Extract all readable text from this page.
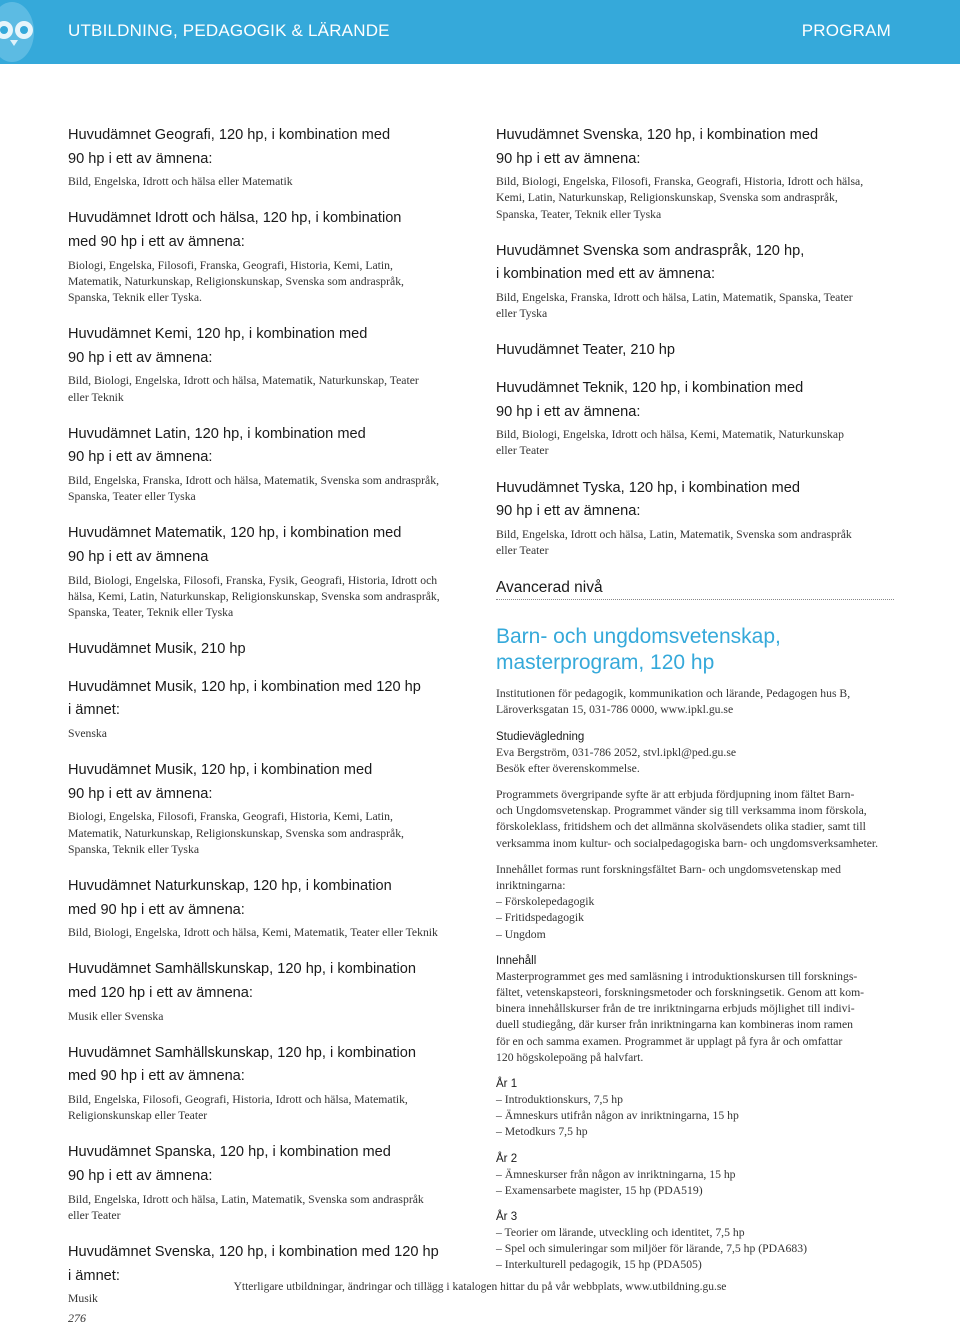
UTBILDNING, PEDAGOGIK & LÄRANDE	PROGRAM

Huvudämnet Geografi, 120 hp, i kombination med

90 hp i ett av ämnena:

Bild, Engelska, Idrott och hälsa eller Matematik

Huvudämnet Idrott och hälsa, 120 hp, i kombination

med 90 hp i ett av ämnena:

Biologi, Engelska, Filosofi, Franska, Geografi, Historia, Kemi, Latin,

Matematik, Naturkunskap, Religionskunskap, Svenska som andraspråk,

Spanska, Teknik eller Tyska.

Huvudämnet Kemi, 120 hp, i kombination med

90 hp i ett av ämnena:

Bild, Biologi, Engelska, Idrott och hälsa, Matematik, Naturkunskap, Teater

eller Teknik

Huvudämnet Latin, 120 hp, i kombination med

90 hp i ett av ämnena:

Bild, Engelska, Franska, Idrott och hälsa, Matematik, Svenska som andraspråk,

Spanska, Teater eller Tyska

Huvudämnet Matematik, 120 hp, i kombination med

90 hp i ett av ämnena

Bild, Biologi, Engelska, Filosofi, Franska, Fysik, Geografi, Historia, Idrott och

hälsa, Kemi, Latin, Naturkunskap, Religionskunskap, Svenska som andraspråk,

Spanska, Teater, Teknik eller Tyska

Huvudämnet Musik, 210 hp

Huvudämnet Musik, 120 hp, i kombination med 120 hp

i ämnet:

Svenska

Huvudämnet Musik, 120 hp, i kombination med

90 hp i ett av ämnena:

Biologi, Engelska, Filosofi, Franska, Geografi, Historia, Kemi, Latin,

Matematik, Naturkunskap, Religionskunskap, Svenska som andraspråk,

Spanska, Teknik eller Tyska

Huvudämnet Naturkunskap, 120 hp, i kombination

med 90 hp i ett av ämnena:

Bild, Biologi, Engelska, Idrott och hälsa, Kemi, Matematik, Teater eller Teknik

Huvudämnet Samhällskunskap, 120 hp, i kombination

med 120 hp i ett av ämnena:

Musik eller Svenska

Huvudämnet Samhällskunskap, 120 hp, i kombination

med 90 hp i ett av ämnena:

Bild, Engelska, Filosofi, Geografi, Historia, Idrott och hälsa, Matematik,

Religionskunskap eller Teater

Huvudämnet Spanska, 120 hp, i kombination med

90 hp i ett av ämnena:

Bild, Engelska, Idrott och hälsa, Latin, Matematik, Svenska som andraspråk

eller Teater

Huvudämnet Svenska, 120 hp, i kombination med 120 hp

i ämnet:

Musik

Huvudämnet Svenska, 120 hp, i kombination med

90 hp i ett av ämnena:

Bild, Biologi, Engelska, Filosofi, Franska, Geografi, Historia, Idrott och hälsa,

Kemi, Latin, Naturkunskap, Religionskunskap, Svenska som andraspråk,

Spanska, Teater, Teknik eller Tyska

Huvudämnet Svenska som andraspråk, 120 hp,

i kombination med ett av ämnena:

Bild, Engelska, Franska, Idrott och hälsa, Latin, Matematik, Spanska, Teater

eller Tyska

Huvudämnet Teater, 210 hp

Huvudämnet Teknik, 120 hp, i kombination med

90 hp i ett av ämnena:

Bild, Biologi, Engelska, Idrott och hälsa, Kemi, Matematik, Naturkunskap

eller Teater

Huvudämnet Tyska, 120 hp, i kombination med

90 hp i ett av ämnena:

Bild, Engelska, Idrott och hälsa, Latin, Matematik, Svenska som andraspråk

eller Teater

Avancerad nivå
Barn- och ungdomsvetenskap,
masterprogram, 120 hp

Institutionen för pedagogik, kommunikation och lärande, Pedagogen hus B,

Läroverksgatan 15, 031-786 0000, www.ipkl.gu.se

Studievägledning

Eva Bergström, 031-786 2052, stvl.ipkl@ped.gu.se

Besök efter överenskommelse.

Programmets övergripande syfte är att erbjuda fördjupning inom fältet Barn-

och Ungdomsvetenskap. Programmet vänder sig till verksamma inom förskola,

förskoleklass, fritidshem och det allmänna skolväsendets olika stadier, samt till

verksamma inom kultur- och socialpedagogiska barn- och ungdomsverksamheter.

Innehållet formas runt forskningsfältet Barn- och ungdomsvetenskap med

inriktningarna:

– Förskolepedagogik
– Fritidspedagogik
– Ungdom

Innehåll

Masterprogrammet ges med samläsning i introduktionskursen till forsknings-

fältet, vetenskapsteori, forskningsmetoder och forskningsetik. Genom att kom-

binera innehållskurser från de tre inriktningarna erbjuds möjlighet till indivi-

duell studiegång, där kurser från inriktningarna kan kombineras inom ramen

för en och samma examen. Programmet är upplagt på fyra år och omfattar

120 högskolepoäng på halvfart.

År 1

– Introduktionskurs, 7,5 hp
– Ämneskurs utifrån någon av inriktningarna, 15 hp
– Metodkurs 7,5 hp

År 2

– Ämneskurser från någon av inriktningarna, 15 hp
– Examensarbete magister, 15 hp (PDA519)

År 3

– Teorier om lärande, utveckling och identitet, 7,5 hp
– Spel och simuleringar som miljöer för lärande, 7,5 hp (PDA683)
– Interkulturell pedagogik, 15 hp (PDA505)
Ytterligare utbildningar, ändringar och tillägg i katalogen hittar du på vår webbplats, www.utbildning.gu.se
276
